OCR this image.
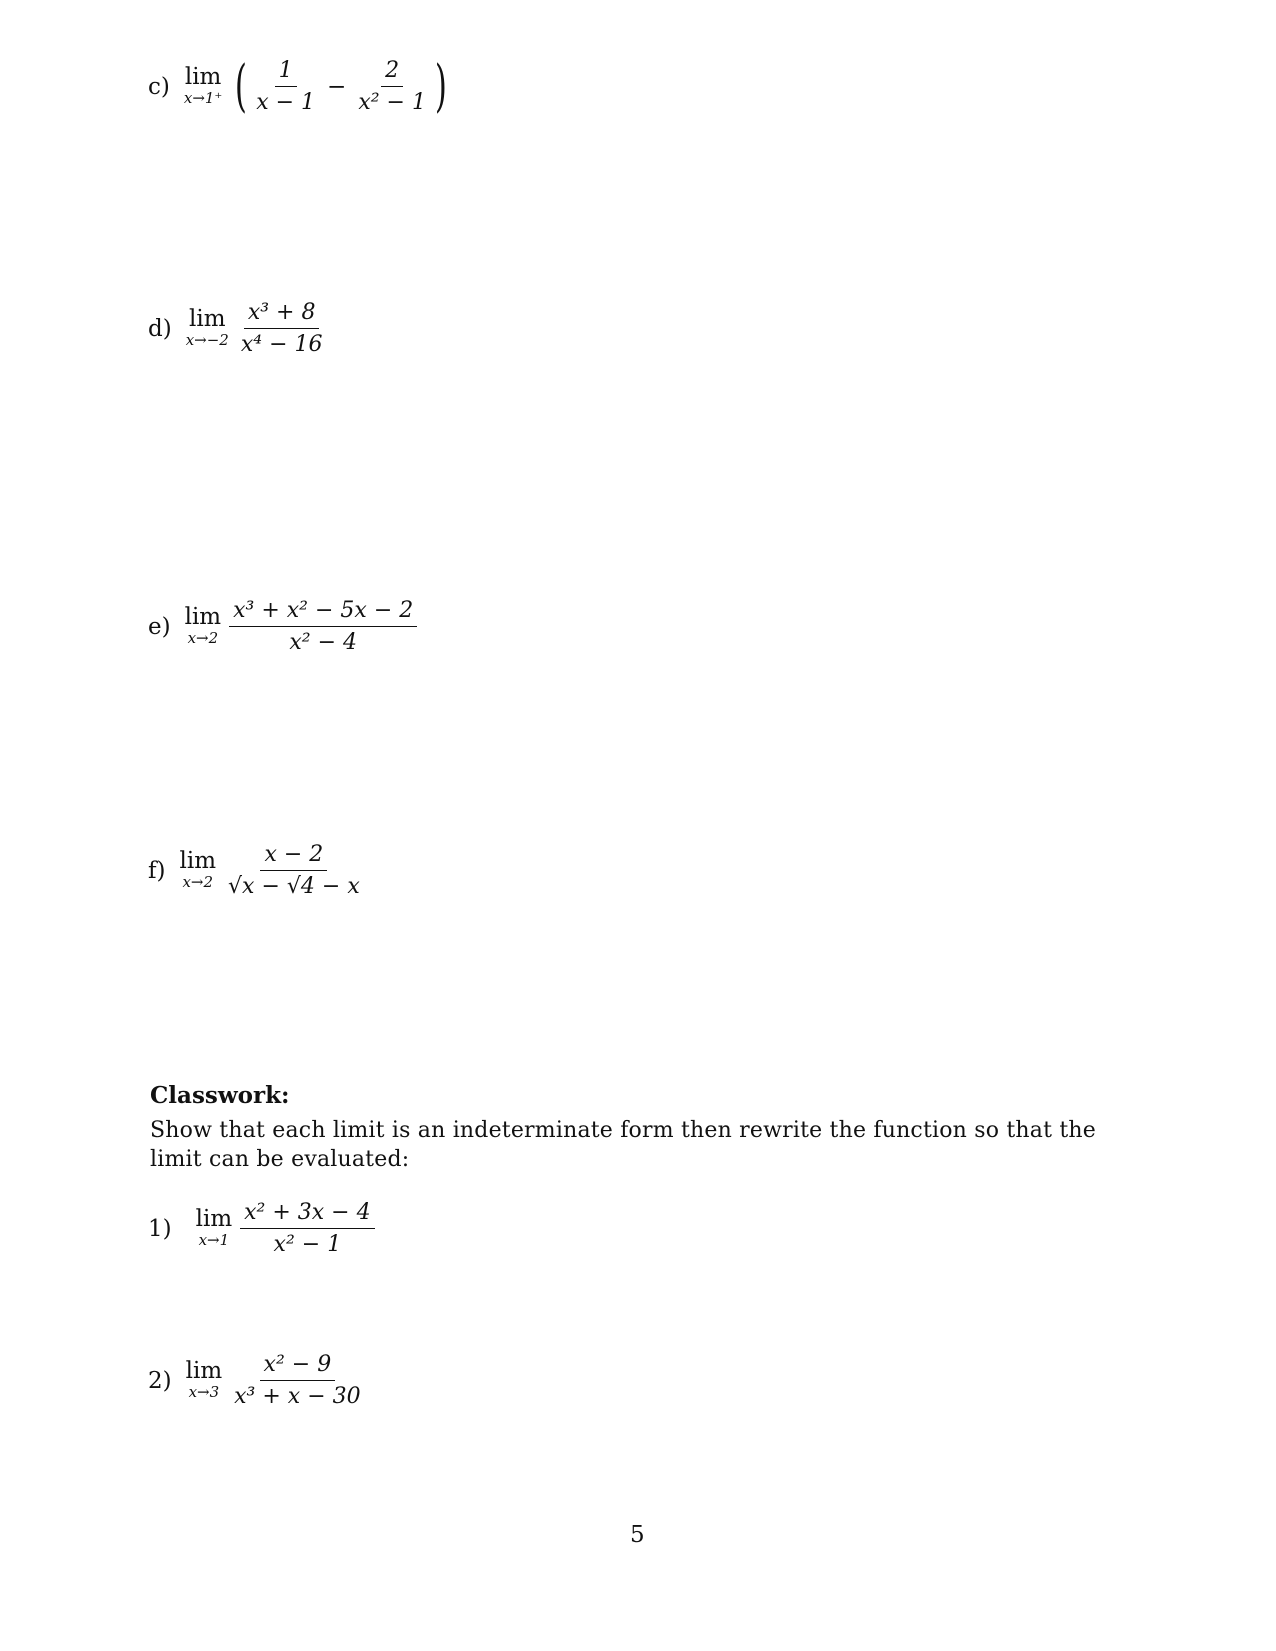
c) lim
x→1⁺ ( $\frac{1}{x - 1} - \frac{2}{\text{x² − 1}}$ )
d) lim
$x\to-2 \frac{\text{x³ + 8}}{\text{x⁴ − 16}}$
e) lim
$x\to 2 \frac{\text{x³ + x² − 5x − 2}}{\text{x² − 4}}$
f) lim
$x\to 2 \frac{x - 2}{√x - √4 - x}$
Classwork:
Show that each limit is an indeterminate form then rewrite the function so that the limit can be evaluated:
1) lim
$x\to 1 \frac{\text{x² + 3x − 4}}{\text{x² − 1}}$
2) lim
$x\to 3 \frac{\text{x² − 9}}{\text{x³ + x − 30}}$
5
